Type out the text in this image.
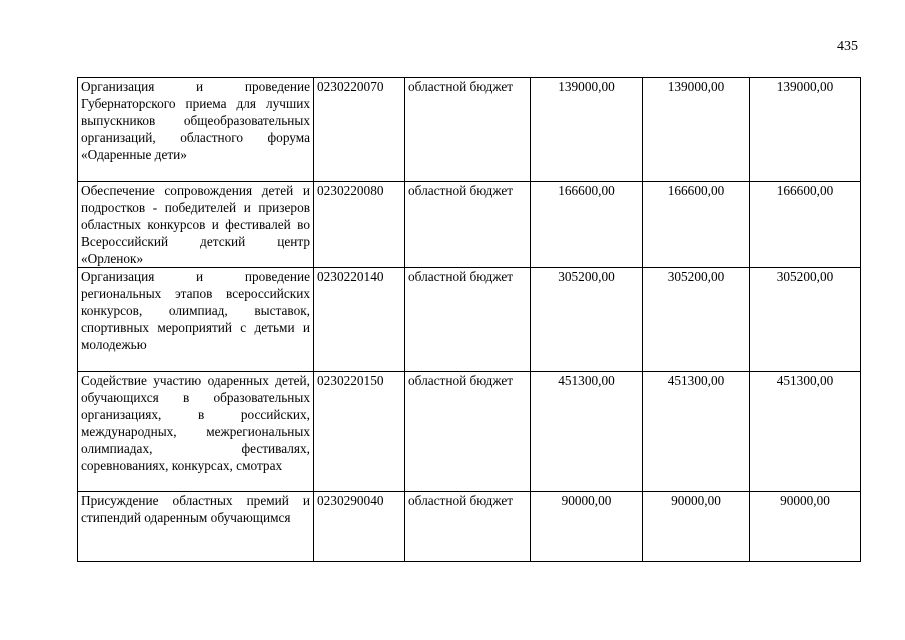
435
Организация и проведение Губернаторского приема для лучших выпускников общеобразовательных организаций, областного форума «Одаренные дети»	0230220070	областной бюджет	139000,00	139000,00	139000,00
Обеспечение сопровождения детей и подростков - победителей и призеров областных конкурсов и фестивалей во Всероссийский детский центр «Орленок»	0230220080	областной бюджет	166600,00	166600,00	166600,00
Организация и проведение региональных этапов всероссийских конкурсов, олимпиад, выставок, спортивных мероприятий с детьми и молодежью	0230220140	областной бюджет	305200,00	305200,00	305200,00
Содействие участию одаренных детей, обучающихся в образовательных организациях, в российских, международных, межрегиональных олимпиадах, фестивалях, соревнованиях, конкурсах, смотрах	0230220150	областной бюджет	451300,00	451300,00	451300,00
Присуждение областных премий и стипендий одаренным обучающимся	0230290040	областной бюджет	90000,00	90000,00	90000,00
